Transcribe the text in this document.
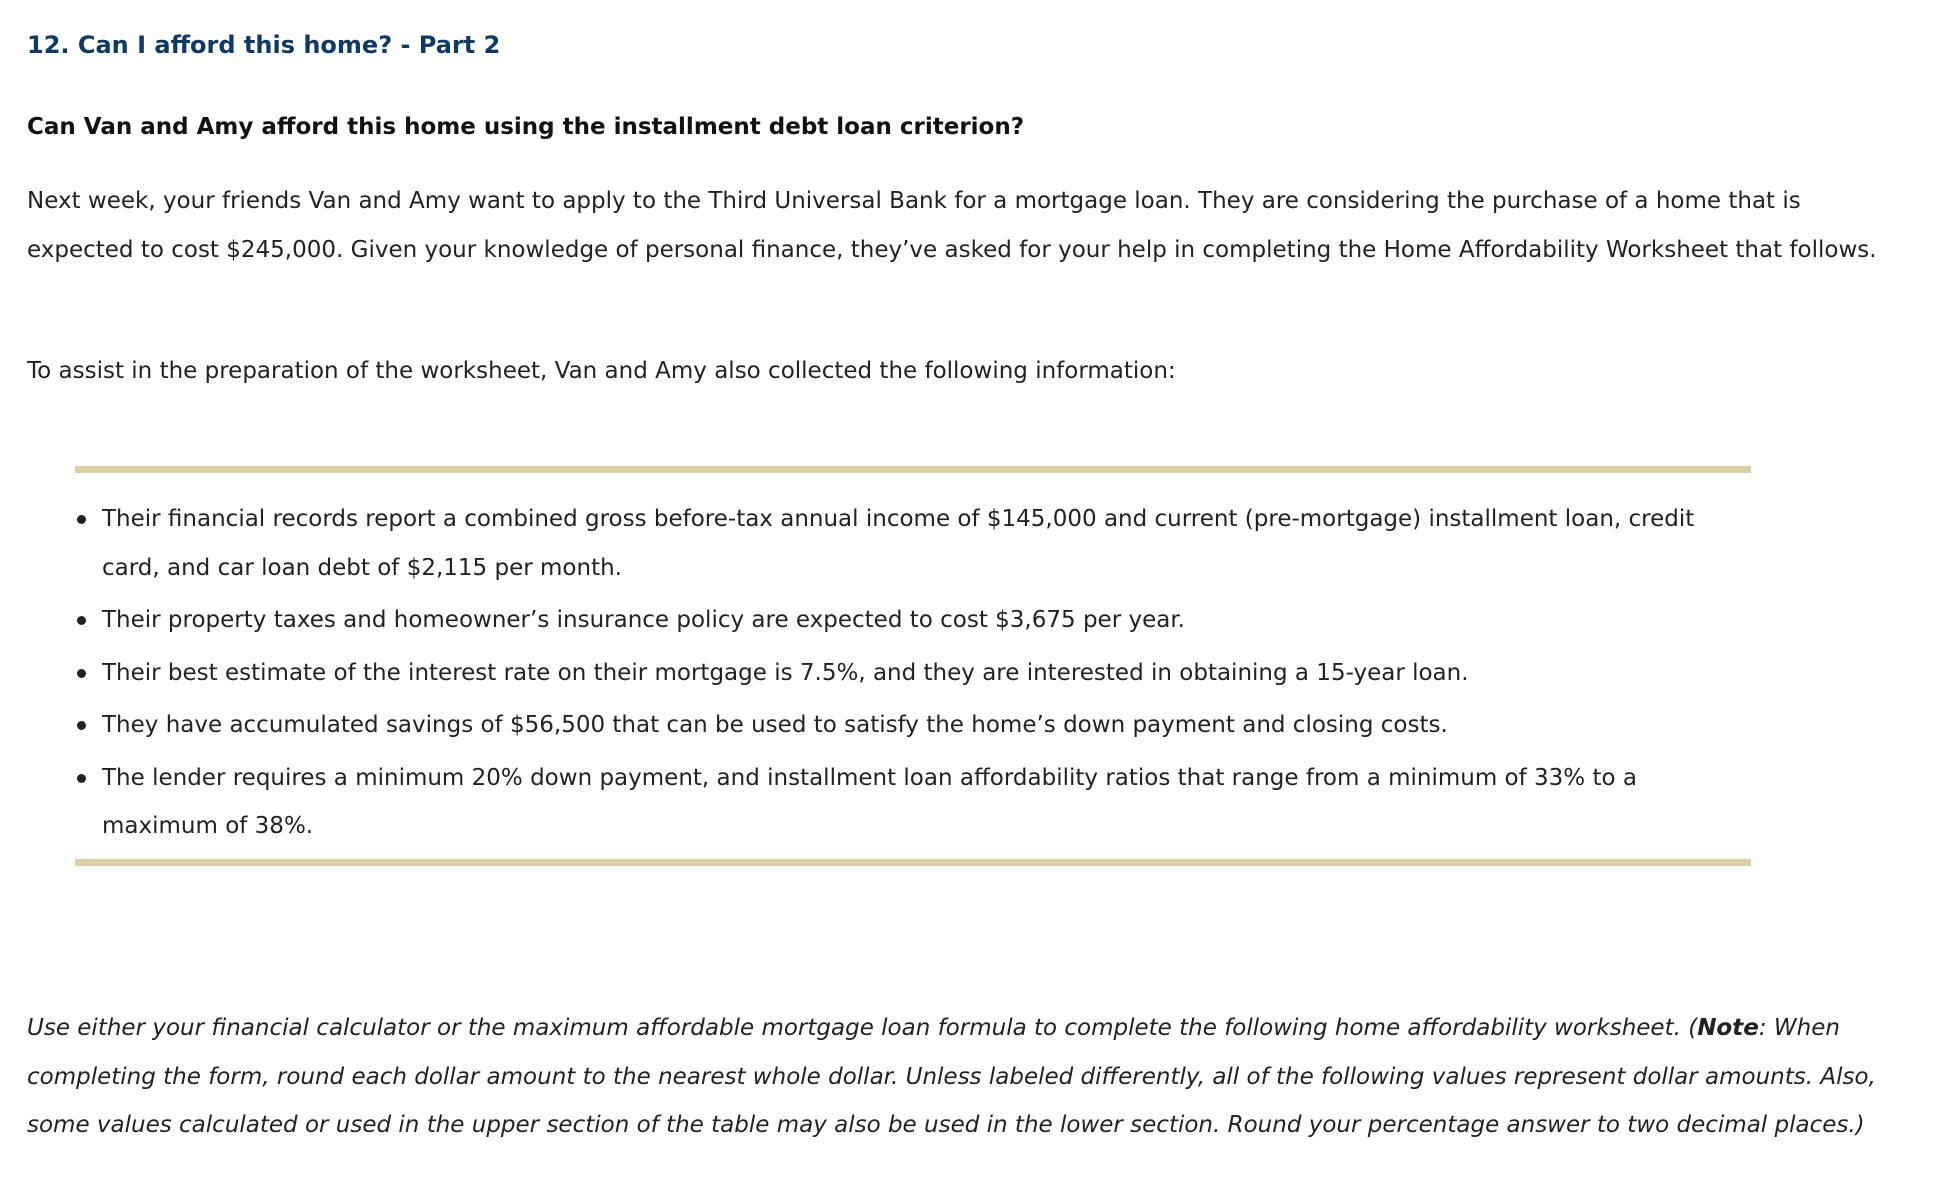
12. Can I afford this home? - Part 2
Can Van and Amy afford this home using the installment debt loan criterion?

Next week, your friends Van and Amy want to apply to the Third Universal Bank for a mortgage loan. They are considering the purchase of a home that is expected to cost $245,000. Given your knowledge of personal finance, they’ve asked for your help in completing the Home Affordability Worksheet that follows.

To assist in the preparation of the worksheet, Van and Amy also collected the following information:

Their financial records report a combined gross before-tax annual income of $145,000 and current (pre-mortgage) installment loan, credit card, and car loan debt of $2,115 per month.
Their property taxes and homeowner’s insurance policy are expected to cost $3,675 per year.
Their best estimate of the interest rate on their mortgage is 7.5%, and they are interested in obtaining a 15-year loan.
They have accumulated savings of $56,500 that can be used to satisfy the home’s down payment and closing costs.
The lender requires a minimum 20% down payment, and installment loan affordability ratios that range from a minimum of 33% to a maximum of 38%.

Use either your financial calculator or the maximum affordable mortgage loan formula to complete the following home affordability worksheet. (Note: When completing the form, round each dollar amount to the nearest whole dollar. Unless labeled differently, all of the following values represent dollar amounts. Also, some values calculated or used in the upper section of the table may also be used in the lower section. Round your percentage answer to two decimal places.)
